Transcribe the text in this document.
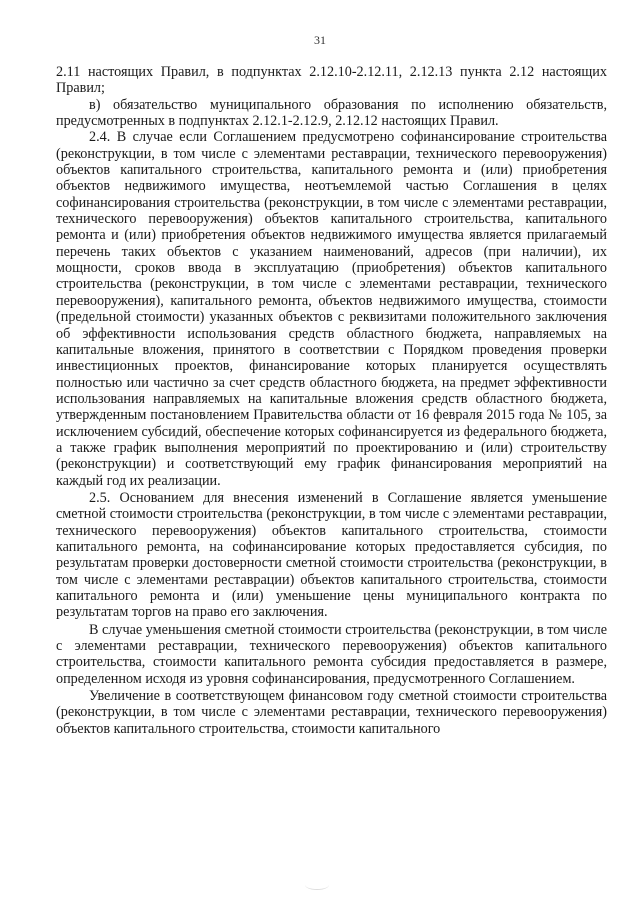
31

2.11 настоящих Правил, в подпунктах 2.12.10-2.12.11, 2.12.13 пункта 2.12 настоящих Правил;

в) обязательство муниципального образования по исполнению обязательств, предусмотренных в подпунктах 2.12.1-2.12.9, 2.12.12 настоящих Правил.

2.4. В случае если Соглашением предусмотрено софинансирование строительства (реконструкции, в том числе с элементами реставрации, технического перевооружения) объектов капитального строительства, капитального ремонта и (или) приобретения объектов недвижимого имущества, неотъемлемой частью Соглашения в целях софинансирования строительства (реконструкции, в том числе с элементами реставрации, технического перевооружения) объектов капитального строительства, капитального ремонта и (или) приобретения объектов недвижимого имущества является прилагаемый перечень таких объектов с указанием наименований, адресов (при наличии), их мощности, сроков ввода в эксплуатацию (приобретения) объектов капитального строительства (реконструкции, в том числе с элементами реставрации, технического перевооружения), капитального ремонта, объектов недвижимого имущества, стоимости (предельной стоимости) указанных объектов с реквизитами положительного заключения об эффективности использования средств областного бюджета, направляемых на капитальные вложения, принятого в соответствии с Порядком проведения проверки инвестиционных проектов, финансирование которых планируется осуществлять полностью или частично за счет средств областного бюджета, на предмет эффективности использования направляемых на капитальные вложения средств областного бюджета, утвержденным постановлением Правительства области от 16 февраля 2015 года № 105, за исключением субсидий, обеспечение которых софинансируется из федерального бюджета, а также график выполнения мероприятий по проектированию и (или) строительству (реконструкции) и соответствующий ему график финансирования мероприятий на каждый год их реализации.

2.5. Основанием для внесения изменений в Соглашение является уменьшение сметной стоимости строительства (реконструкции, в том числе с элементами реставрации, технического перевооружения) объектов капитального строительства, стоимости капитального ремонта, на софинансирование которых предоставляется субсидия, по результатам проверки достоверности сметной стоимости строительства (реконструкции, в том числе с элементами реставрации) объектов капитального строительства, стоимости капитального ремонта и (или) уменьшение цены муниципального контракта по результатам торгов на право его заключения.

В случае уменьшения сметной стоимости строительства (реконструкции, в том числе с элементами реставрации, технического перевооружения) объектов капитального строительства, стоимости капитального ремонта субсидия предоставляется в размере, определенном исходя из уровня софинансирования, предусмотренного Соглашением.

Увеличение в соответствующем финансовом году сметной стоимости строительства (реконструкции, в том числе с элементами реставрации, технического перевооружения) объектов капитального строительства, стоимости капитального
